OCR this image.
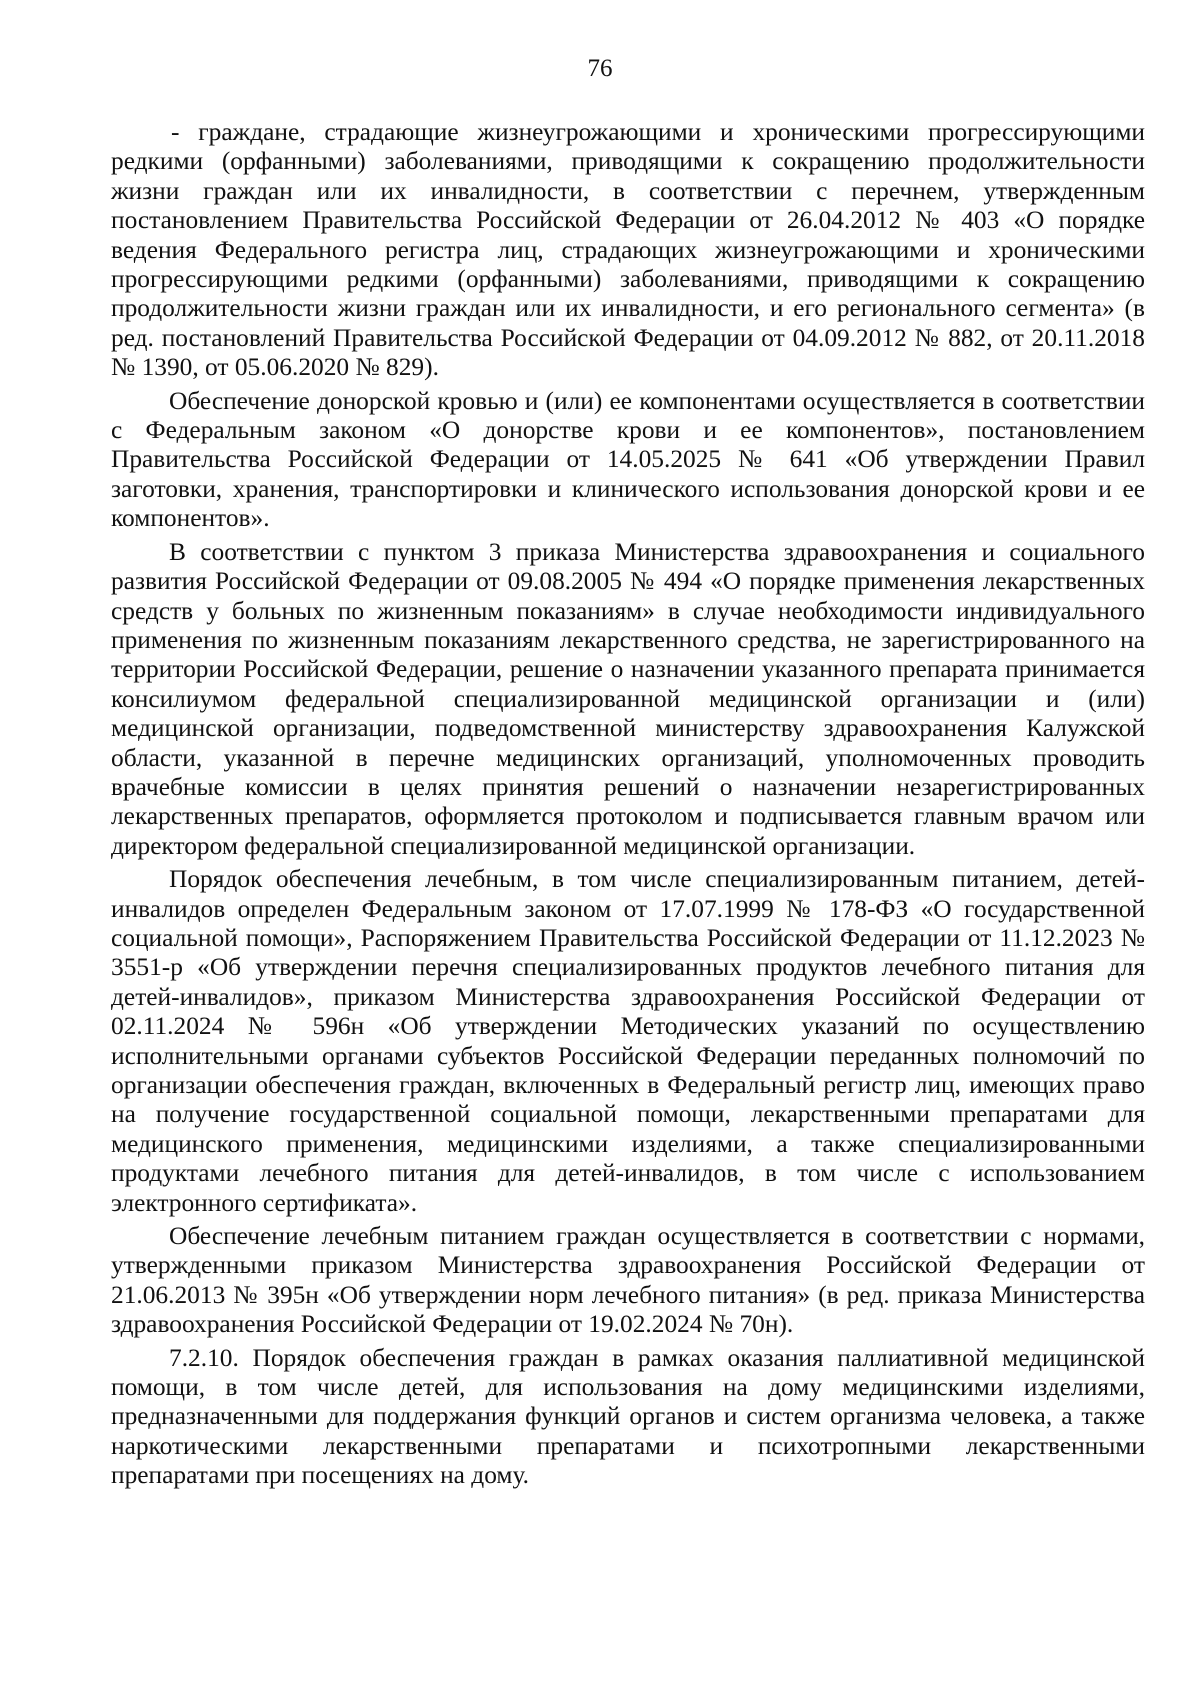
76

- граждане, страдающие жизнеугрожающими и хроническими прогрессирующими редкими (орфанными) заболеваниями, приводящими к сокращению продолжительности жизни граждан или их инвалидности, в соответствии с перечнем, утвержденным постановлением Правительства Российской Федерации от 26.04.2012 № 403 «О порядке ведения Федерального регистра лиц, страдающих жизнеугрожающими и хроническими прогрессирующими редкими (орфанными) заболеваниями, приводящими к сокращению продолжительности жизни граждан или их инвалидности, и его регионального сегмента» (в ред. постановлений Правительства Российской Федерации от 04.09.2012 № 882, от 20.11.2018 № 1390, от 05.06.2020 № 829).

Обеспечение донорской кровью и (или) ее компонентами осуществляется в соответствии с Федеральным законом «О донорстве крови и ее компонентов», постановлением Правительства Российской Федерации от 14.05.2025 № 641 «Об утверждении Правил заготовки, хранения, транспортировки и клинического использования донорской крови и ее компонентов».

В соответствии с пунктом 3 приказа Министерства здравоохранения и социального развития Российской Федерации от 09.08.2005 № 494 «О порядке применения лекарственных средств у больных по жизненным показаниям» в случае необходимости индивидуального применения по жизненным показаниям лекарственного средства, не зарегистрированного на территории Российской Федерации, решение о назначении указанного препарата принимается консилиумом федеральной специализированной медицинской организации и (или) медицинской организации, подведомственной министерству здравоохранения Калужской области, указанной в перечне медицинских организаций, уполномоченных проводить врачебные комиссии в целях принятия решений о назначении незарегистрированных лекарственных препаратов, оформляется протоколом и подписывается главным врачом или директором федеральной специализированной медицинской организации.

Порядок обеспечения лечебным, в том числе специализированным питанием, детей-инвалидов определен Федеральным законом от 17.07.1999 № 178-ФЗ «О государственной социальной помощи», Распоряжением Правительства Российской Федерации от 11.12.2023 № 3551-р «Об утверждении перечня специализированных продуктов лечебного питания для детей-инвалидов», приказом Министерства здравоохранения Российской Федерации от 02.11.2024 № 596н «Об утверждении Методических указаний по осуществлению исполнительными органами субъектов Российской Федерации переданных полномочий по организации обеспечения граждан, включенных в Федеральный регистр лиц, имеющих право на получение государственной социальной помощи, лекарственными препаратами для медицинского применения, медицинскими изделиями, а также специализированными продуктами лечебного питания для детей-инвалидов, в том числе с использованием электронного сертификата».

Обеспечение лечебным питанием граждан осуществляется в соответствии с нормами, утвержденными приказом Министерства здравоохранения Российской Федерации от 21.06.2013 № 395н «Об утверждении норм лечебного питания» (в ред. приказа Министерства здравоохранения Российской Федерации от 19.02.2024 № 70н).

7.2.10. Порядок обеспечения граждан в рамках оказания паллиативной медицинской помощи, в том числе детей, для использования на дому медицинскими изделиями, предназначенными для поддержания функций органов и систем организма человека, а также наркотическими лекарственными препаратами и психотропными лекарственными препаратами при посещениях на дому.
